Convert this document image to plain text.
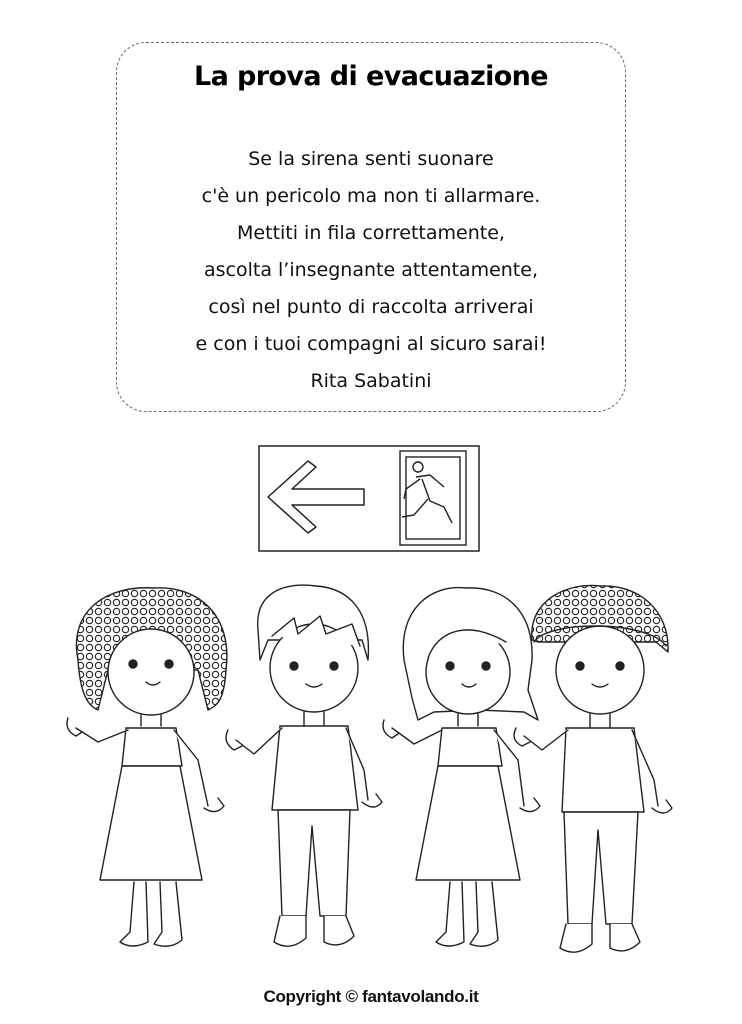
La prova di evacuazione
Se la sirena senti suonare
c'è un pericolo ma non ti allarmare.
Mettiti in fila correttamente,
ascolta l’insegnante attentamente,
così nel punto di raccolta arriverai
e con i tuoi compagni al sicuro sarai!
Rita Sabatini
Copyright © fantavolando.it
